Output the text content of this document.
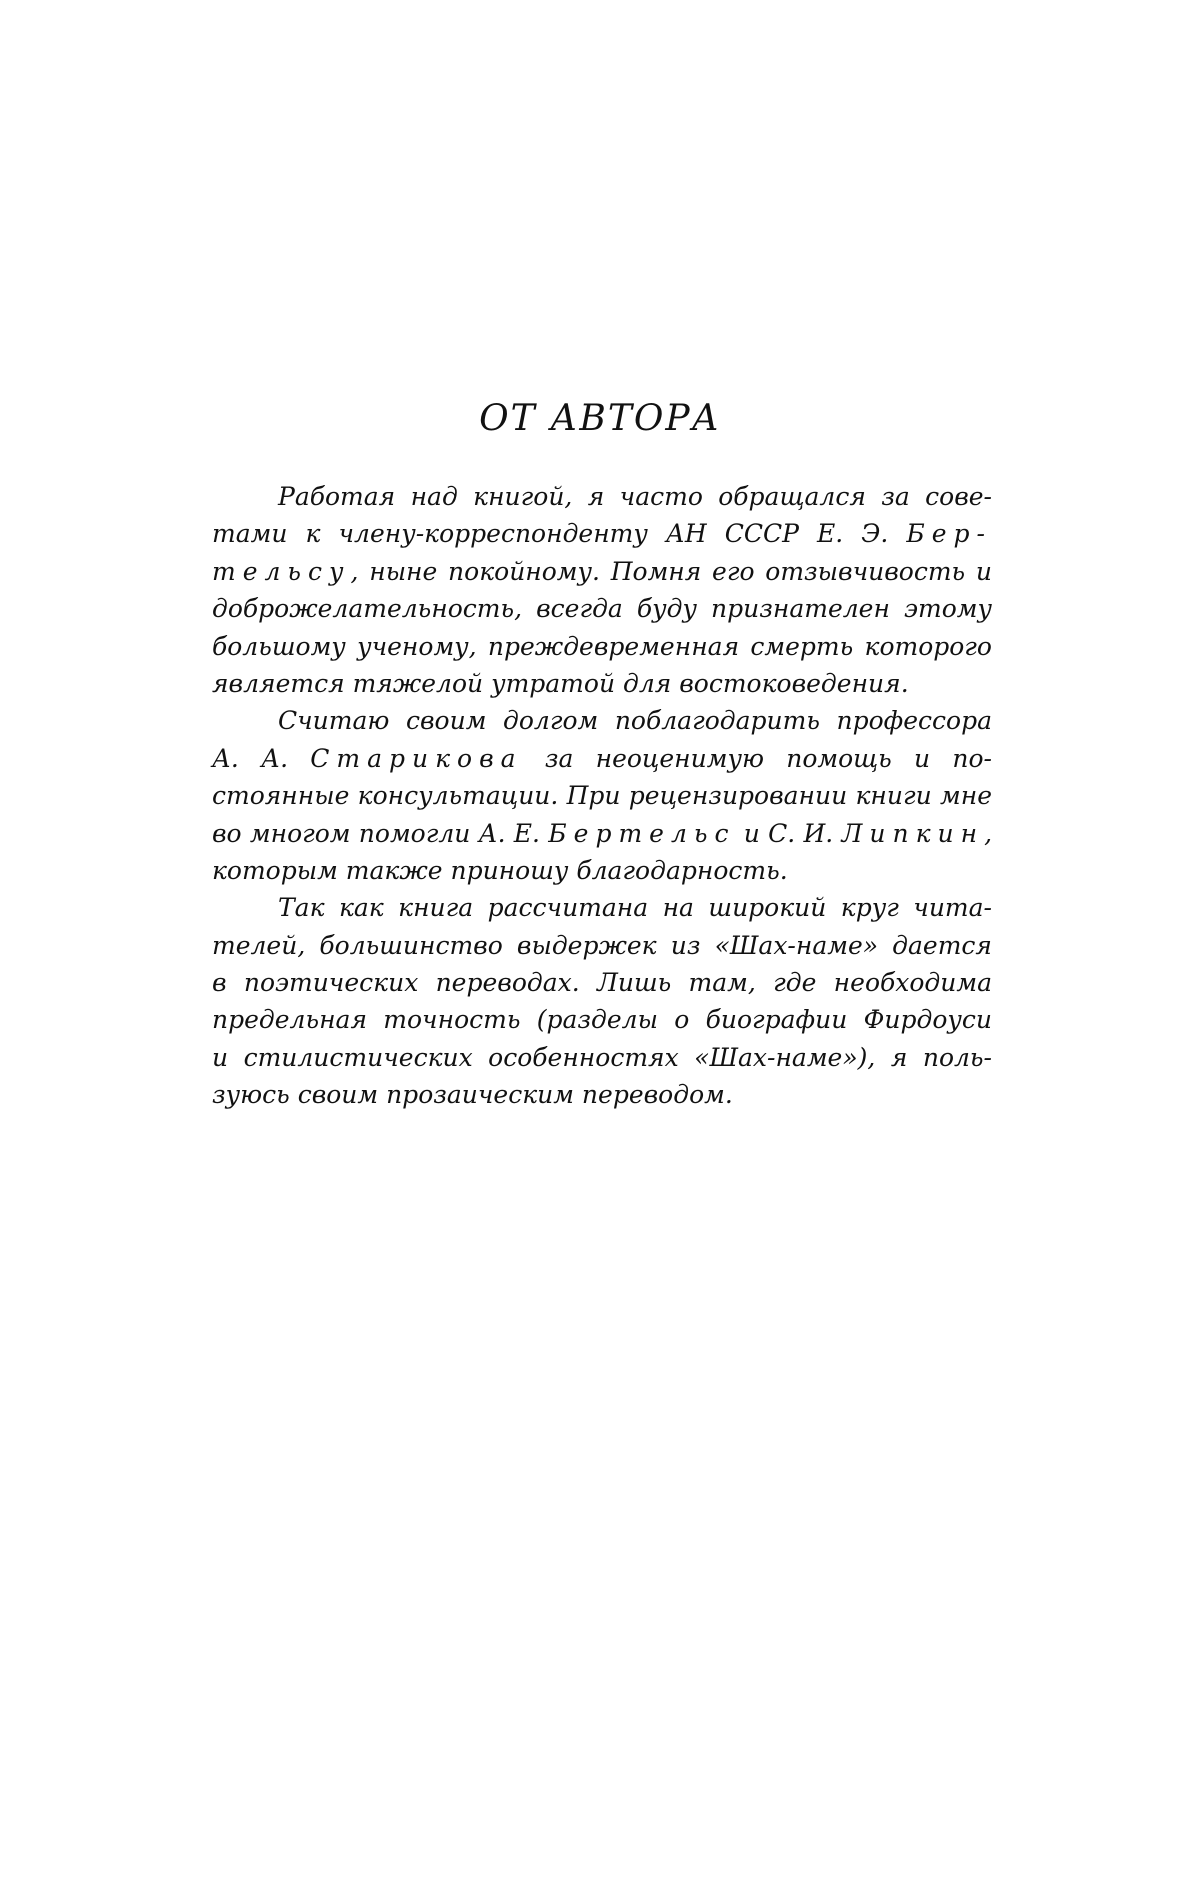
ОТ АВТОРА
Работая над книгой, я часто обращался за сове-
тами к члену-корреспонденту АН СССР Е. Э. Бер-
тельсу, ныне покойному. Помня его отзывчивость и
доброжелательность, всегда буду признателен этому
большому ученому, преждевременная смерть которого
является тяжелой утратой для востоковедения.
Считаю своим долгом поблагодарить профессора
А. А. Старикова за неоценимую помощь и по-
стоянные консультации. При рецензировании книги мне
во многом помогли А. Е. Бертельс и С. И. Липкин,
которым также приношу благодарность.
Так как книга рассчитана на широкий круг чита-
телей, большинство выдержек из «Шах-наме» дается
в поэтических переводах. Лишь там, где необходима
предельная точность (разделы о биографии Фирдоуси
и стилистических особенностях «Шах-наме»), я поль-
зуюсь своим прозаическим переводом.
